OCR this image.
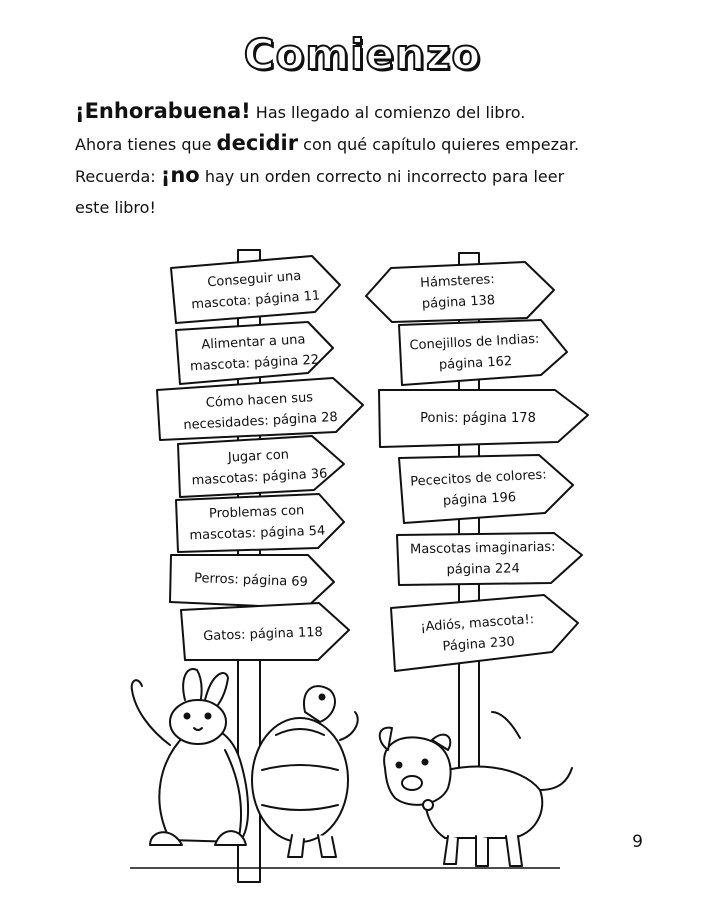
Comienzo
¡Enhorabuena! Has llegado al comienzo del libro.
Ahora tienes que decidir con qué capítulo quieres empezar.
Recuerda: ¡no hay un orden correcto ni incorrecto para leer
este libro!
Conseguir una
mascota: página 11
Alimentar a una
mascota: página 22
Cómo hacen sus
necesidades: página 28
Jugar con
mascotas: página 36
Problemas con
mascotas: página 54
Perros: página 69
Gatos: página 118
Hámsteres:
página 138
Conejillos de Indias:
página 162
Ponis: página 178
Pececitos de colores:
página 196
Mascotas imaginarias:
página 224
¡Adiós, mascota!:
Página 230
9
